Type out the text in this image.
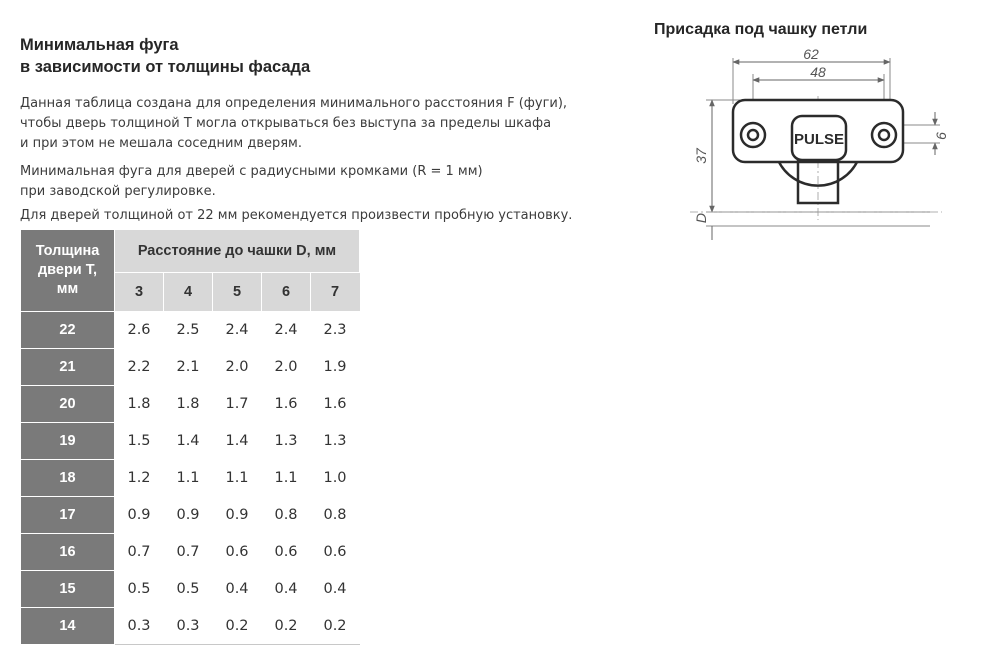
Минимальная фуга
в зависимости от толщины фасада

Данная таблица создана для определения минимального расстояния F (фуги),
чтобы дверь толщиной T могла открываться без выступа за пределы шкафа
и при этом не мешала соседним дверям.

Минимальная фуга для дверей с радиусными кромками (R = 1 мм)
при заводской регулировке.

Для дверей толщиной от 22 мм рекомендуется произвести пробную установку.

Толщина
двери T,
мм	Расстояние до чашки D, мм				
	3	4	5	6	7
22	2.6	2.5	2.4	2.4	2.3
21	2.2	2.1	2.0	2.0	1.9
20	1.8	1.8	1.7	1.6	1.6
19	1.5	1.4	1.4	1.3	1.3
18	1.2	1.1	1.1	1.1	1.0
17	0.9	0.9	0.9	0.8	0.8
16	0.7	0.7	0.6	0.6	0.6
15	0.5	0.5	0.4	0.4	0.4
14	0.3	0.3	0.2	0.2	0.2
Присадка под чашку петли
PULSE
62
48
37
D
6
